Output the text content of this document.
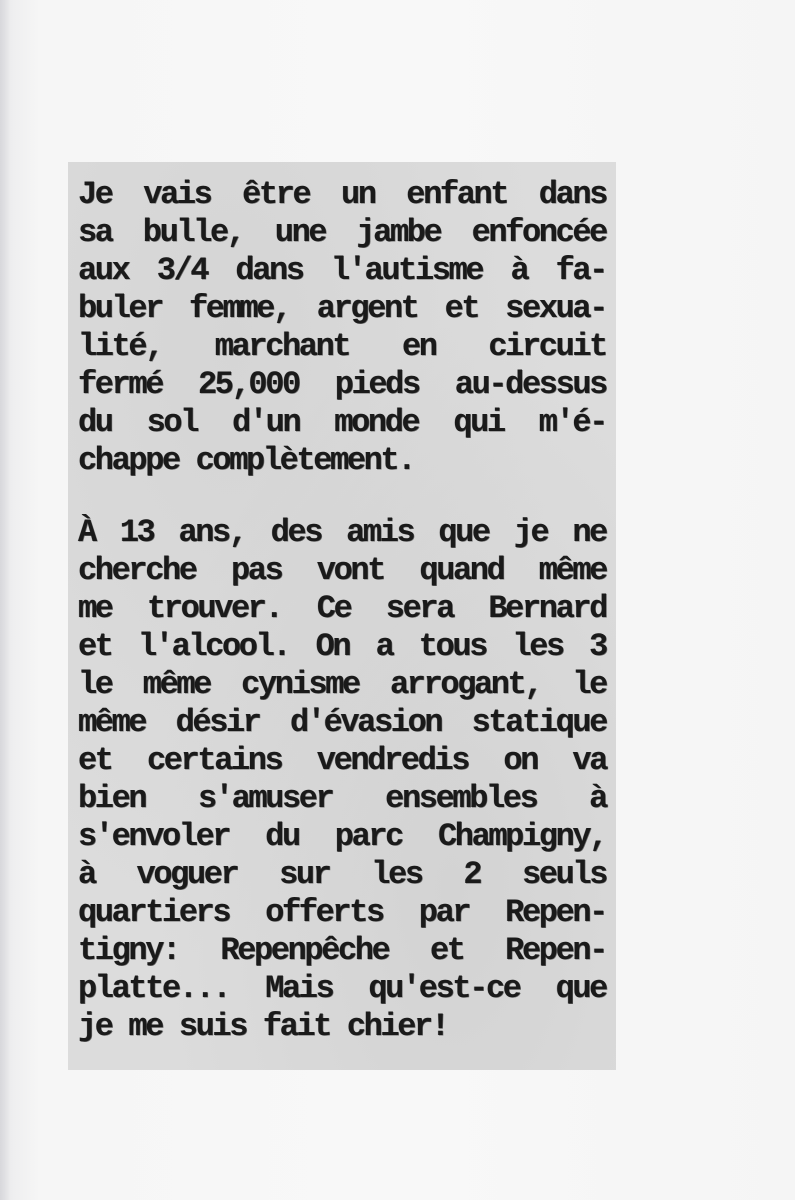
Je vais être un enfant dans
sa bulle, une jambe enfoncée
aux 3/4 dans l'autisme à fa-
buler femme, argent et sexua-
lité, marchant en circuit
fermé 25,000 pieds au-dessus
du sol d'un monde qui m'é-
chappe complètement.
À 13 ans, des amis que je ne
cherche pas vont quand même
me trouver. Ce sera Bernard
et l'alcool. On a tous les 3
le même cynisme arrogant, le
même désir d'évasion statique
et certains vendredis on va
bien s'amuser ensembles à
s'envoler du parc Champigny,
à voguer sur les 2 seuls
quartiers offerts par Repen-
tigny: Repenpêche et Repen-
platte... Mais qu'est-ce que
je me suis fait chier!
